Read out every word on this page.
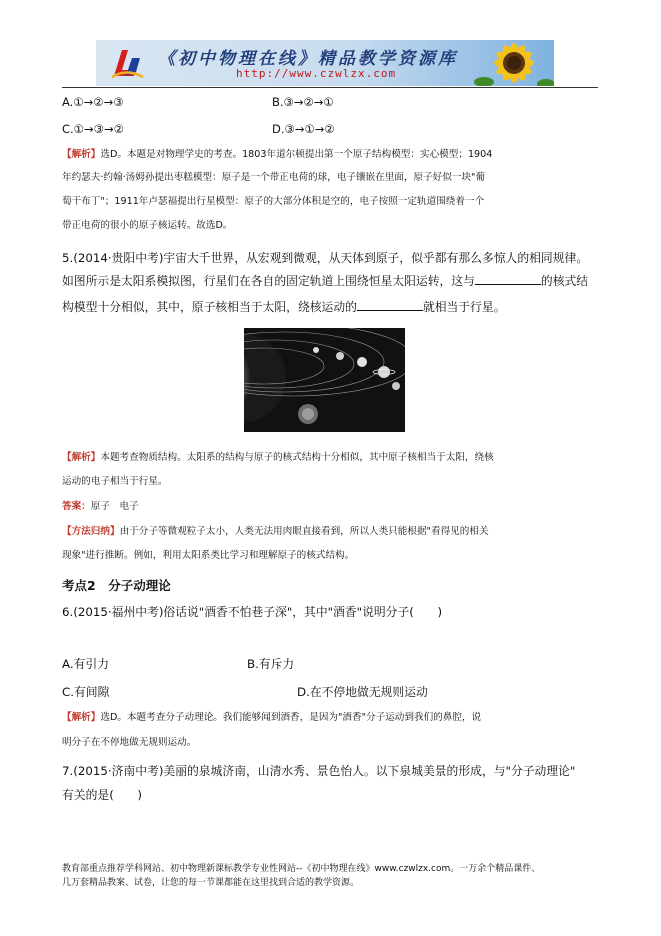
《初中物理在线》精品教学资源库
http://www.czwlzx.com
A.①→②→③	B.③→②→①
C.①→③→②	D.③→①→②
【解析】选D。本题是对物理学史的考查。1803年道尔顿提出第一个原子结构模型：实心模型；1904
年约瑟夫·约翰·汤姆孙提出枣糕模型：原子是一个带正电荷的球，电子镶嵌在里面，原子好似一块"葡
萄干布丁"；1911年卢瑟福提出行星模型：原子的大部分体积是空的，电子按照一定轨道围绕着一个
带正电荷的很小的原子核运转。故选D。
5.(2014·贵阳中考)宇宙大千世界，从宏观到微观，从天体到原子，似乎都有那么多惊人的相同规律。
如图所示是太阳系模拟图，行星们在各自的固定轨道上围绕恒星太阳运转，这与	的核式结
构模型十分相似，其中，原子核相当于太阳，绕核运动的	就相当于行星。
【解析】本题考查物质结构。太阳系的结构与原子的核式结构十分相似，其中原子核相当于太阳，绕核
运动的电子相当于行星。
答案：原子　电子
【方法归纳】由于分子等微观粒子太小，人类无法用肉眼直接看到，所以人类只能根据"看得见的相关
现象"进行推断。例如，利用太阳系类比学习和理解原子的核式结构。
考点2　分子动理论
6.(2015·福州中考)俗话说"酒香不怕巷子深"，其中"酒香"说明分子(　　)
A.有引力	B.有斥力
C.有间隙	D.在不停地做无规则运动
【解析】选D。本题考查分子动理论。我们能够闻到酒香，是因为"酒香"分子运动到我们的鼻腔，说
明分子在不停地做无规则运动。
7.(2015·济南中考)美丽的泉城济南，山清水秀、景色怡人。以下泉城美景的形成，与"分子动理论"
有关的是(　　)
教育部重点推荐学科网站、初中物理新课标教学专业性网站--《初中物理在线》www.czwlzx.com。一万余个精品课件、
几万套精品教案、试卷，让您的每一节课都能在这里找到合适的教学资源。
